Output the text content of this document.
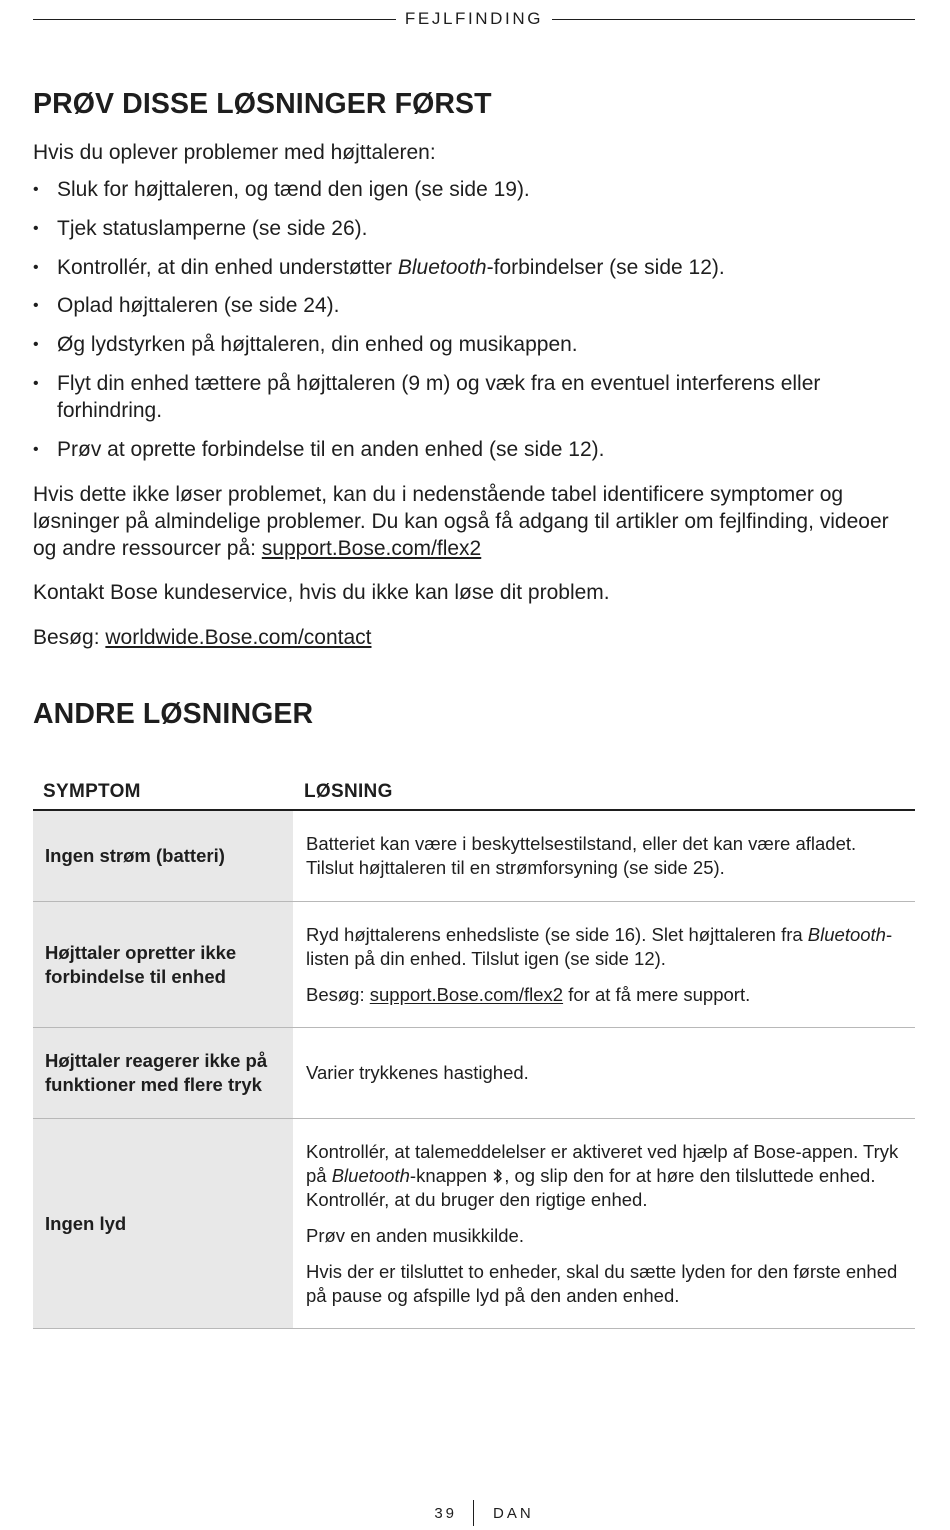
FEJLFINDING
PRØV DISSE LØSNINGER FØRST

Hvis du oplever problemer med højttaleren:

• Sluk for højttaleren, og tænd den igen (se side 19).
• Tjek statuslamperne (se side 26).
• Kontrollér, at din enhed understøtter Bluetooth-forbindelser (se side 12).
• Oplad højttaleren (se side 24).
• Øg lydstyrken på højttaleren, din enhed og musikappen.
• Flyt din enhed tættere på højttaleren (9 m) og væk fra en eventuel interferens eller forhindring.
• Prøv at oprette forbindelse til en anden enhed (se side 12).

Hvis dette ikke løser problemet, kan du i nedenstående tabel identificere symptomer og løsninger på almindelige problemer. Du kan også få adgang til artikler om fejlfinding, videoer og andre ressourcer på: support.Bose.com/flex2

Kontakt Bose kundeservice, hvis du ikke kan løse dit problem.

Besøg: worldwide.Bose.com/contact

ANDRE LØSNINGER
SYMPTOM	LØSNING
Ingen strøm (batteri)

Batteriet kan være i beskyttelsestilstand, eller det kan være afladet. Tilslut højttaleren til en strømforsyning (se side 25).

Højttaler opretter ikke forbindelse til enhed

Ryd højttalerens enhedsliste (se side 16). Slet højttaleren fra Bluetooth-listen på din enhed. Tilslut igen (se side 12).

Besøg: support.Bose.com/flex2 for at få mere support.

Højttaler reagerer ikke på funktioner med flere tryk

Varier trykkenes hastighed.

Ingen lyd

Kontrollér, at talemeddelelser er aktiveret ved hjælp af Bose-appen. Tryk på Bluetooth-knappen , og slip den for at høre den tilsluttede enhed. Kontrollér, at du bruger den rigtige enhed.

Prøv en anden musikkilde.

Hvis der er tilsluttet to enheder, skal du sætte lyden for den første enhed på pause og afspille lyd på den anden enhed.

39 DAN
